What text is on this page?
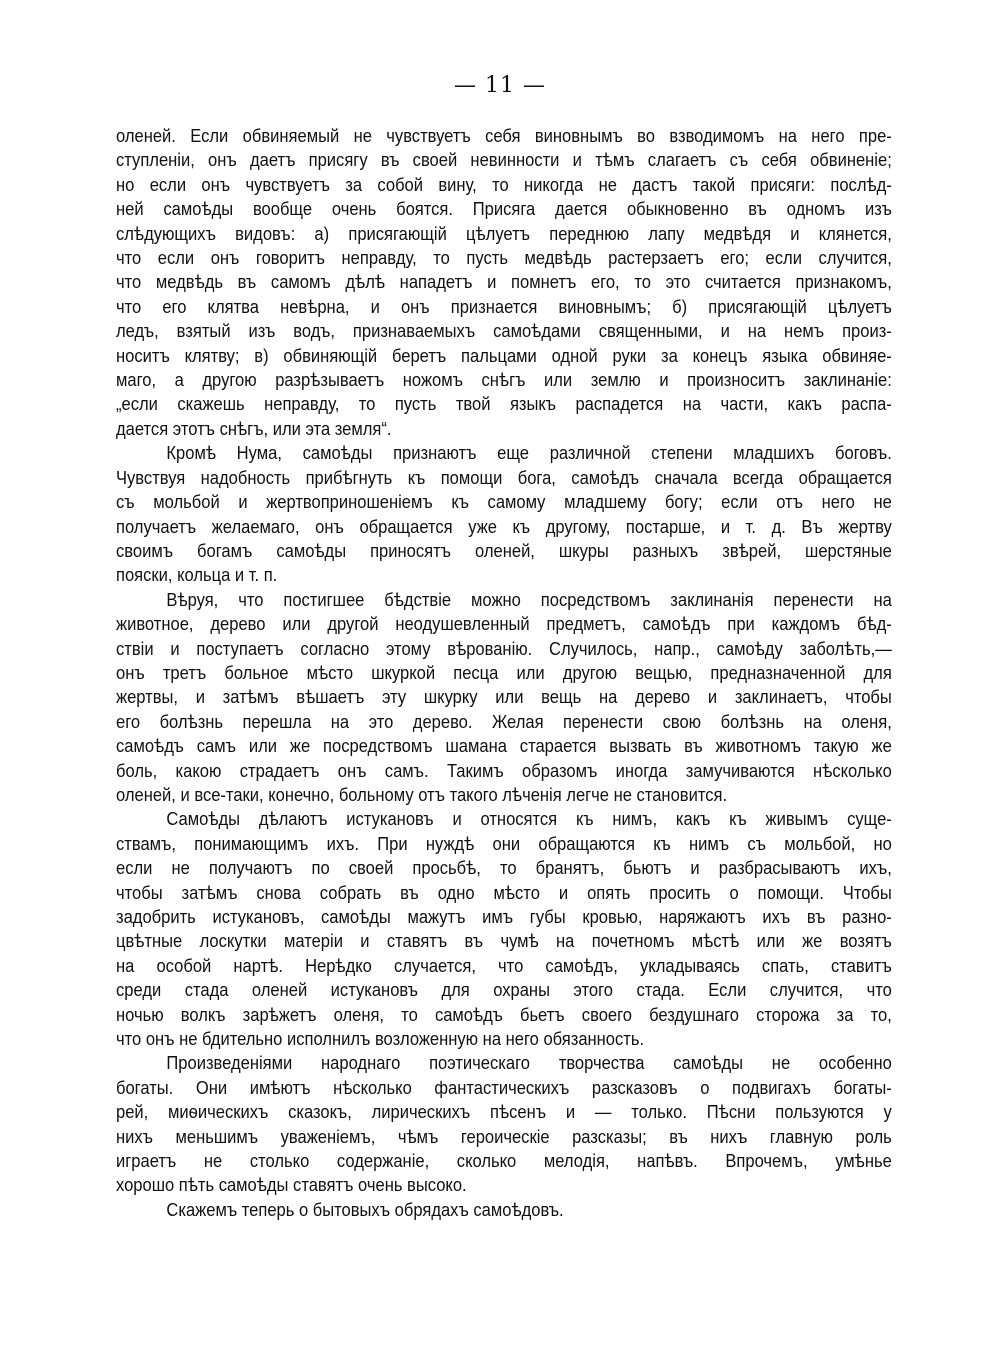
— 11 —
оленей. Если обвиняемый не чувствуетъ себя виновнымъ во взводимомъ на него пре-
ступленіи, онъ даетъ присягу въ своей невинности и тѣмъ слагаетъ съ себя обвиненіе;
но если онъ чувствуетъ за собой вину, то никогда не дастъ такой присяги: послѣд-
ней самоѣды вообще очень боятся. Присяга дается обыкновенно въ одномъ изъ
слѣдующихъ видовъ: а) присягающій цѣлуетъ переднюю лапу медвѣдя и клянется,
что если онъ говоритъ неправду, то пусть медвѣдь растерзаетъ его; если случится,
что медвѣдь въ самомъ дѣлѣ нападетъ и помнетъ его, то это считается признакомъ,
что его клятва невѣрна, и онъ признается виновнымъ; б) присягающій цѣлуетъ
ледъ, взятый изъ водъ, признаваемыхъ самоѣдами священными, и на немъ произ-
носитъ клятву; в) обвиняющій беретъ пальцами одной руки за конецъ языка обвиняе-
маго, а другою разрѣзываетъ ножомъ снѣгъ или землю и произноситъ заклинаніе:
„если скажешь неправду, то пусть твой языкъ распадется на части, какъ распа-
дается этотъ снѣгъ, или эта земля“.
Кромѣ Нума, самоѣды признаютъ еще различной степени младшихъ боговъ.
Чувствуя надобность прибѣгнуть къ помощи бога, самоѣдъ сначала всегда обращается
съ мольбой и жертвоприношеніемъ къ самому младшему богу; если отъ него не
получаетъ желаемаго, онъ обращается уже къ другому, постарше, и т. д. Въ жертву
своимъ богамъ самоѣды приносятъ оленей, шкуры разныхъ звѣрей, шерстяные
пояски, кольца и т. п.
Вѣруя, что постигшее бѣдствіе можно посредствомъ заклинанія перенести на
животное, дерево или другой неодушевленный предметъ, самоѣдъ при каждомъ бѣд-
ствіи и поступаетъ согласно этому вѣрованію. Случилось, напр., самоѣду заболѣть,—
онъ третъ больное мѣсто шкуркой песца или другою вещью, предназначенной для
жертвы, и затѣмъ вѣшаетъ эту шкурку или вещь на дерево и заклинаетъ, чтобы
его болѣзнь перешла на это дерево. Желая перенести свою болѣзнь на оленя,
самоѣдъ самъ или же посредствомъ шамана старается вызвать въ животномъ такую же
боль, какою страдаетъ онъ самъ. Такимъ образомъ иногда замучиваются нѣсколько
оленей, и все-таки, конечно, больному отъ такого лѣченія легче не становится.
Самоѣды дѣлаютъ истукановъ и относятся къ нимъ, какъ къ живымъ суще-
ствамъ, понимающимъ ихъ. При нуждѣ они обращаются къ нимъ съ мольбой, но
если не получаютъ по своей просьбѣ, то бранятъ, бьютъ и разбрасываютъ ихъ,
чтобы затѣмъ снова собрать въ одно мѣсто и опять просить о помощи. Чтобы
задобрить истукановъ, самоѣды мажутъ имъ губы кровью, наряжаютъ ихъ въ разно-
цвѣтные лоскутки матеріи и ставятъ въ чумѣ на почетномъ мѣстѣ или же возятъ
на особой нартѣ. Нерѣдко случается, что самоѣдъ, укладываясь спать, ставитъ
среди стада оленей истукановъ для охраны этого стада. Если случится, что
ночью волкъ зарѣжетъ оленя, то самоѣдъ бьетъ своего бездушнаго сторожа за то,
что онъ не бдительно исполнилъ возложенную на него обязанность.
Произведеніями народнаго поэтическаго творчества самоѣды не особенно
богаты. Они имѣютъ нѣсколько фантастическихъ разсказовъ о подвигахъ богаты-
рей, миѳическихъ сказокъ, лирическихъ пѣсенъ и — только. Пѣсни пользуются у
нихъ меньшимъ уваженіемъ, чѣмъ героическіе разсказы; въ нихъ главную роль
играетъ не столько содержаніе, сколько мелодія, напѣвъ. Впрочемъ, умѣнье
хорошо пѣть самоѣды ставятъ очень высоко.
Скажемъ теперь о бытовыхъ обрядахъ самоѣдовъ.
